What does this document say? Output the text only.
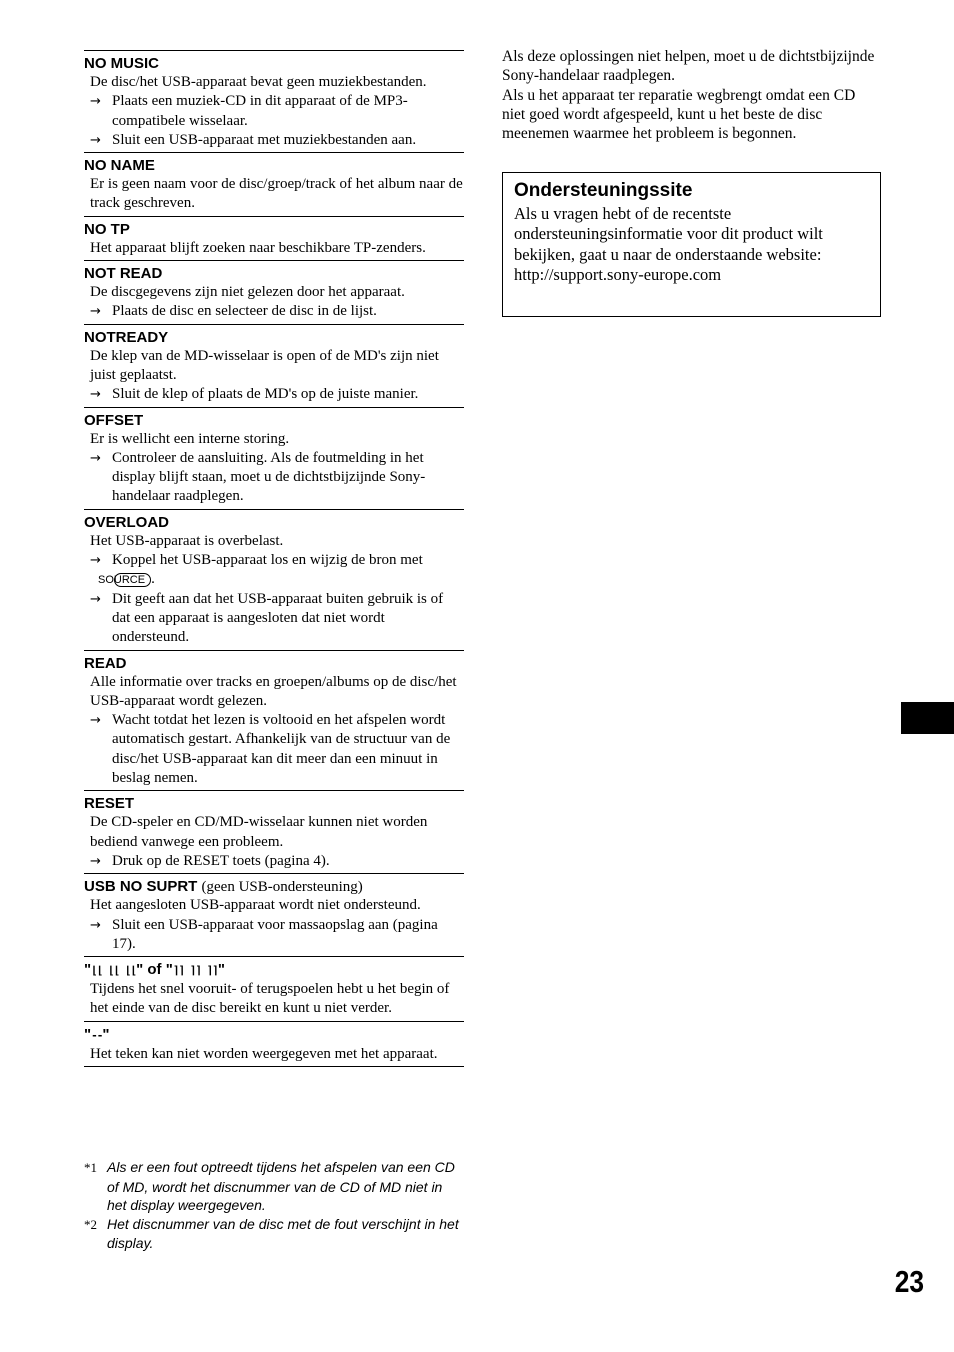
NO MUSIC
De disc/het USB-apparaat bevat geen muziekbestanden.
→ Plaats een muziek-CD in dit apparaat of de MP3-compatibele wisselaar.
→ Sluit een USB-apparaat met muziekbestanden aan.
NO NAME
Er is geen naam voor de disc/groep/track of het album naar de track geschreven.
NO TP
Het apparaat blijft zoeken naar beschikbare TP-zenders.
NOT READ
De discgegevens zijn niet gelezen door het apparaat.
→ Plaats de disc en selecteer de disc in de lijst.
NOTREADY
De klep van de MD-wisselaar is open of de MD's zijn niet juist geplaatst.
→ Sluit de klep of plaats de MD's op de juiste manier.
OFFSET
Er is wellicht een interne storing.
→ Controleer de aansluiting. Als de foutmelding in het display blijft staan, moet u de dichtstbijzijnde Sony-handelaar raadplegen.
OVERLOAD
Het USB-apparaat is overbelast.
→ Koppel het USB-apparaat los en wijzig de bron met SOURCE .
→ Dit geeft aan dat het USB-apparaat buiten gebruik is of dat een apparaat is aangesloten dat niet wordt ondersteund.
READ
Alle informatie over tracks en groepen/albums op de disc/het USB-apparaat wordt gelezen.
→ Wacht totdat het lezen is voltooid en het afspelen wordt automatisch gestart. Afhankelijk van de structuur van de disc/het USB-apparaat kan dit meer dan een minuut in beslag nemen.
RESET
De CD-speler en CD/MD-wisselaar kunnen niet worden bediend vanwege een probleem.
→ Druk op de RESET toets (pagina 4).
USB NO SUPRT (geen USB-ondersteuning)
Het aangesloten USB-apparaat wordt niet ondersteund.
→ Sluit een USB-apparaat voor massaopslag aan (pagina 17).
"⌊⌊ ⌊⌊ ⌊⌊" of "⌉⌉ ⌉⌉ ⌉⌉"
Tijdens het snel vooruit- of terugspoelen hebt u het begin of het einde van de disc bereikt en kunt u niet verder.
"--"
Het teken kan niet worden weergegeven met het apparaat.
*1 Als er een fout optreedt tijdens het afspelen van een CD of MD, wordt het discnummer van de CD of MD niet in het display weergegeven.
*2 Het discnummer van de disc met de fout verschijnt in het display.
Als deze oplossingen niet helpen, moet u de dichtstbijzijnde Sony-handelaar raadplegen.
Als u het apparaat ter reparatie wegbrengt omdat een CD niet goed wordt afgespeeld, kunt u het beste de disc meenemen waarmee het probleem is begonnen.
Ondersteuningssite
Als u vragen hebt of de recentste ondersteuningsinformatie voor dit product wilt bekijken, gaat u naar de onderstaande website:
http://support.sony-europe.com
23
